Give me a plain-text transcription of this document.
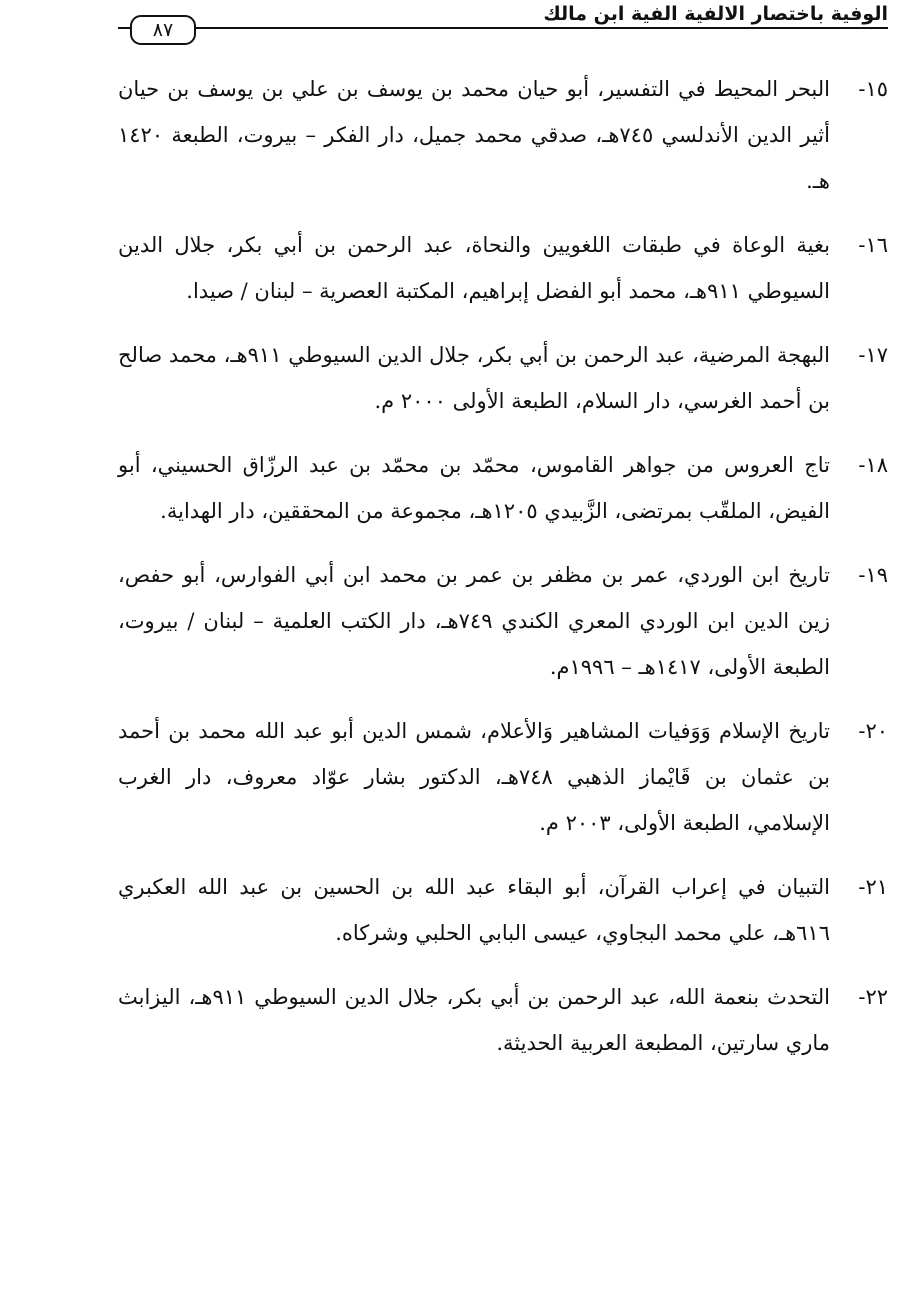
الوفية باختصار الالفية الفية ابن مالك
٨٧
١٥-
البحر المحيط في التفسير، أبو حيان محمد بن يوسف بن علي بن يوسف بن حيان أثير الدين الأندلسي ٧٤٥هـ، صدقي محمد جميل، دار الفكر – بيروت، الطبعة ١٤٢٠ هـ.
١٦-
بغية الوعاة في طبقات اللغويين والنحاة، عبد الرحمن بن أبي بكر، جلال الدين السيوطي ٩١١هـ، محمد أبو الفضل إبراهيم، المكتبة العصرية – لبنان / صيدا.
١٧-
البهجة المرضية، عبد الرحمن بن أبي بكر، جلال الدين السيوطي ٩١١هـ، محمد صالح بن أحمد الغرسي، دار السلام، الطبعة الأولى ٢٠٠٠ م.
١٨-
تاج العروس من جواهر القاموس، محمّد بن محمّد بن عبد الرزّاق الحسيني، أبو الفيض، الملقّب بمرتضى، الزَّبيدي ١٢٠٥هـ، مجموعة من المحققين، دار الهداية.
١٩-
تاريخ ابن الوردي، عمر بن مظفر بن عمر بن محمد ابن أبي الفوارس، أبو حفص، زين الدين ابن الوردي المعري الكندي ٧٤٩هـ، دار الكتب العلمية – لبنان / بيروت، الطبعة الأولى، ١٤١٧هـ – ١٩٩٦م.
٢٠-
تاريخ الإسلام وَوَفيات المشاهير وَالأعلام، شمس الدين أبو عبد الله محمد بن أحمد بن عثمان بن قَايْماز الذهبي ٧٤٨هـ، الدكتور بشار عوّاد معروف، دار الغرب الإسلامي، الطبعة الأولى، ٢٠٠٣ م.
٢١-
التبيان في إعراب القرآن، أبو البقاء عبد الله بن الحسين بن عبد الله العكبري ٦١٦هـ، علي محمد البجاوي، عيسى البابي الحلبي وشركاه.
٢٢-
التحدث بنعمة الله، عبد الرحمن بن أبي بكر، جلال الدين السيوطي ٩١١هـ، اليزابث ماري سارتين، المطبعة العربية الحديثة.
